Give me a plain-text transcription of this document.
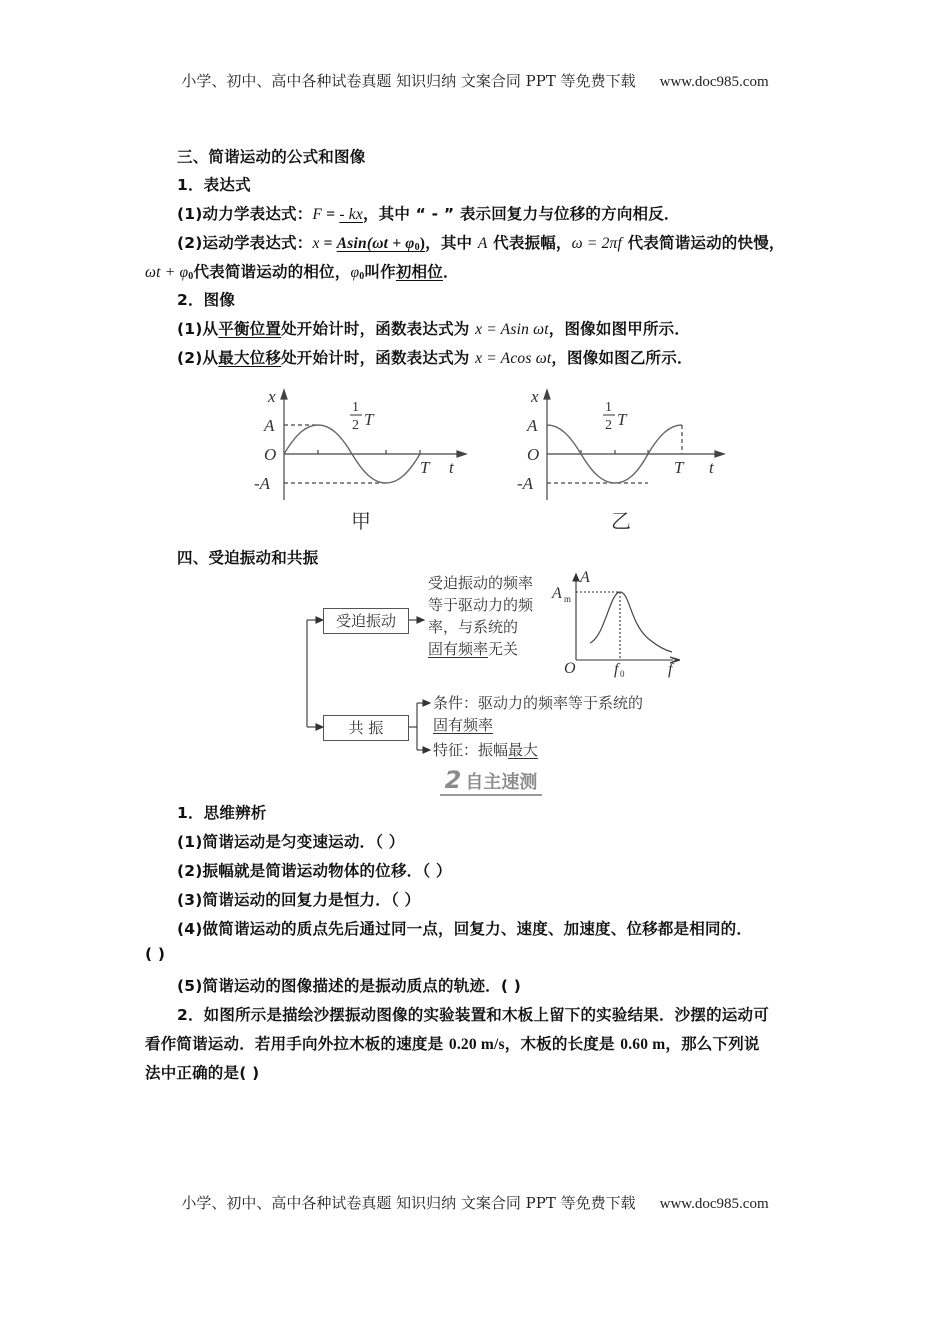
小学、初中、高中各种试卷真题 知识归纳 文案合同 PPT 等免费下载 www.doc985.com
三、简谐运动的公式和图像
1．表达式
(1)动力学表达式：F = - kx，其中 “ - ” 表示回复力与位移的方向相反．
(2)运动学表达式：$x = Asin(\omega t + \varphi_0)$，其中 A 代表振幅，ω = 2πf 代表简谐运动的快慢，
$\omega t + \varphi_0$代表简谐运动的相位，$\varphi_0$叫作初相位．
2．图像
(1)从平衡位置处开始计时，函数表达式为 x = Asin ωt，图像如图甲所示．
(2)从最大位移处开始计时，函数表达式为 x = Acos ωt，图像如图乙所示．
x
A
O
-A
1
2 T
T t
甲
x
A
O
-A
1
2 T
T t
乙
四、受迫振动和共振
A
A m
O f 0	f
受迫振动
共 振
受迫振动的频率
等于驱动力的频
率，与系统的
固有频率无关
条件：驱动力的频率等于系统的
固有频率
特征：振幅最大
2 自主速测
1．思维辨析
(1)简谐运动是匀变速运动．（ ）
(2)振幅就是简谐运动物体的位移．（ ）
(3)简谐运动的回复力是恒力．（ ）
(4)做简谐运动的质点先后通过同一点，回复力、速度、加速度、位移都是相同的．
( )
(5)简谐运动的图像描述的是振动质点的轨迹．( )
2．如图所示是描绘沙摆振动图像的实验装置和木板上留下的实验结果．沙摆的运动可
看作简谐运动．若用手向外拉木板的速度是 0.20 m/s，木板的长度是 0.60 m，那么下列说
法中正确的是( )
小学、初中、高中各种试卷真题 知识归纳 文案合同 PPT 等免费下载 www.doc985.com
